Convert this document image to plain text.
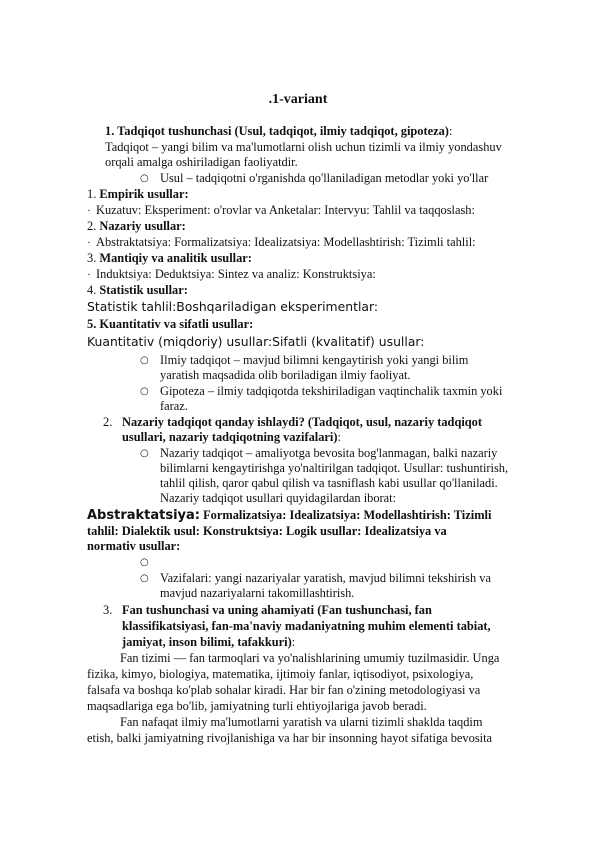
.1-variant
1. Tadqiqot tushunchasi (Usul, tadqiqot, ilmiy tadqiqot, gipoteza):
Tadqiqot – yangi bilim va ma'lumotlarni olish uchun tizimli va ilmiy yondashuv
orqali amalga oshiriladigan faoliyatdir.
○ Usul – tadqiqotni o'rganishda qo'llaniladigan metodlar yoki yo'llar
1. Empirik usullar:
· Kuzatuv: Eksperiment: o'rovlar va Anketalar: Intervyu: Tahlil va taqqoslash:
2. Nazariy usullar:
· Abstraktatsiya: Formalizatsiya: Idealizatsiya: Modellashtirish: Tizimli tahlil:
3. Mantiqiy va analitik usullar:
· Induktsiya: Deduktsiya: Sintez va analiz: Konstruktsiya:
4. Statistik usullar:
Statistik tahlil:Boshqariladigan eksperimentlar:
5. Kuantitativ va sifatli usullar:
Kuantitativ (miqdoriy) usullar:Sifatli (kvalitatif) usullar:
○ Ilmiy tadqiqot – mavjud bilimni kengaytirish yoki yangi bilim
yaratish maqsadida olib boriladigan ilmiy faoliyat.
○ Gipoteza – ilmiy tadqiqotda tekshiriladigan vaqtinchalik taxmin yoki
faraz.
2. Nazariy tadqiqot qanday ishlaydi? (Tadqiqot, usul, nazariy tadqiqot
usullari, nazariy tadqiqotning vazifalari):
○ Nazariy tadqiqot – amaliyotga bevosita bog'lanmagan, balki nazariy
bilimlarni kengaytirishga yo'naltirilgan tadqiqot. Usullar: tushuntirish,
tahlil qilish, qaror qabul qilish va tasniflash kabi usullar qo'llaniladi.
Nazariy tadqiqot usullari quyidagilardan iborat:
Abstraktatsiya: Formalizatsiya: Idealizatsiya: Modellashtirish: Tizimli
tahlil: Dialektik usul: Konstruktsiya: Logik usullar: Idealizatsiya va
normativ usullar:
○
○ Vazifalari: yangi nazariyalar yaratish, mavjud bilimni tekshirish va
mavjud nazariyalarni takomillashtirish.
3. Fan tushunchasi va uning ahamiyati (Fan tushunchasi, fan
klassifikatsiyasi, fan-ma'naviy madaniyatning muhim elementi tabiat,
jamiyat, inson bilimi, tafakkuri):
Fan tizimi — fan tarmoqlari va yo'nalishlarining umumiy tuzilmasidir. Unga
fizika, kimyo, biologiya, matematika, ijtimoiy fanlar, iqtisodiyot, psixologiya,
falsafa va boshqa ko'plab sohalar kiradi. Har bir fan o'zining metodologiyasi va
maqsadlariga ega bo'lib, jamiyatning turli ehtiyojlariga javob beradi.
Fan nafaqat ilmiy ma'lumotlarni yaratish va ularni tizimli shaklda taqdim
etish, balki jamiyatning rivojlanishiga va har bir insonning hayot sifatiga bevosita
